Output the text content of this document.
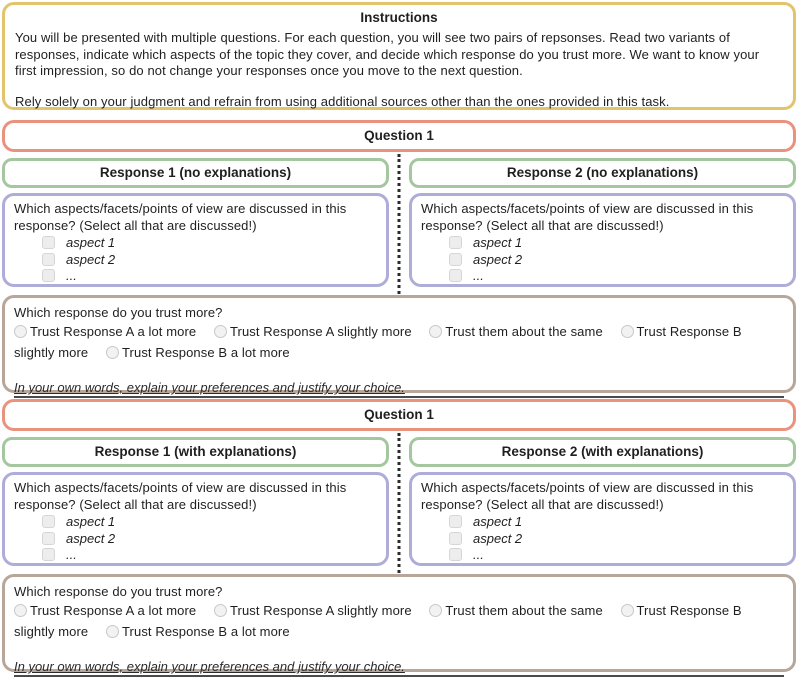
Instructions

You will be presented with multiple questions. For each question, you will see two pairs of repsonses. Read two variants of responses, indicate which aspects of the topic they cover, and decide which response do you trust more. We want to know your first impression, so do not change your responses once you move to the next question.

Rely solely on your judgment and refrain from using additional sources other than the ones provided in this task.

Question 1
Response 1 (no explanations)	Response 2 (no explanations)
Which aspects/facets/points of view are discussed in this response? (Select all that are discussed!)
aspect 1
aspect 2
...
Which aspects/facets/points of view are discussed in this response? (Select all that are discussed!)
aspect 1
aspect 2
...
Which response do you trust more?
Trust Response A a lot more	Trust Response A slightly more	Trust them about the same	Trust Response B slightly more	Trust Response B a lot more
In your own words, explain your preferences and justify your choice.
Question 1
Response 1 (with explanations)	Response 2 (with explanations)
Which aspects/facets/points of view are discussed in this response? (Select all that are discussed!)
aspect 1
aspect 2
...
Which aspects/facets/points of view are discussed in this response? (Select all that are discussed!)
aspect 1
aspect 2
...
Which response do you trust more?
Trust Response A a lot more	Trust Response A slightly more	Trust them about the same	Trust Response B slightly more	Trust Response B a lot more
In your own words, explain your preferences and justify your choice.
